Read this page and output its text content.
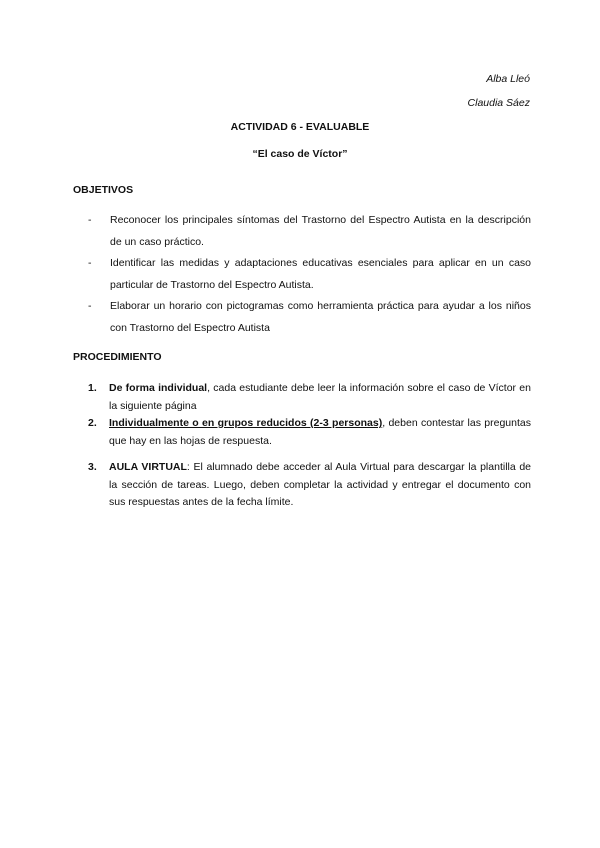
Alba Lleó
Claudia Sáez
ACTIVIDAD 6 - EVALUABLE
“El caso de Víctor”
OBJETIVOS
- Reconocer los principales síntomas del Trastorno del Espectro Autista en la descripción de un caso práctico.
- Identificar las medidas y adaptaciones educativas esenciales para aplicar en un caso particular de Trastorno del Espectro Autista.
- Elaborar un horario con pictogramas como herramienta práctica para ayudar a los niños con Trastorno del Espectro Autista
PROCEDIMIENTO
1. De forma individual, cada estudiante debe leer la información sobre el caso de Víctor en la siguiente página
2. Individualmente o en grupos reducidos (2-3 personas), deben contestar las preguntas que hay en las hojas de respuesta.
3. AULA VIRTUAL: El alumnado debe acceder al Aula Virtual para descargar la plantilla de la sección de tareas. Luego, deben completar la actividad y entregar el documento con sus respuestas antes de la fecha límite.
